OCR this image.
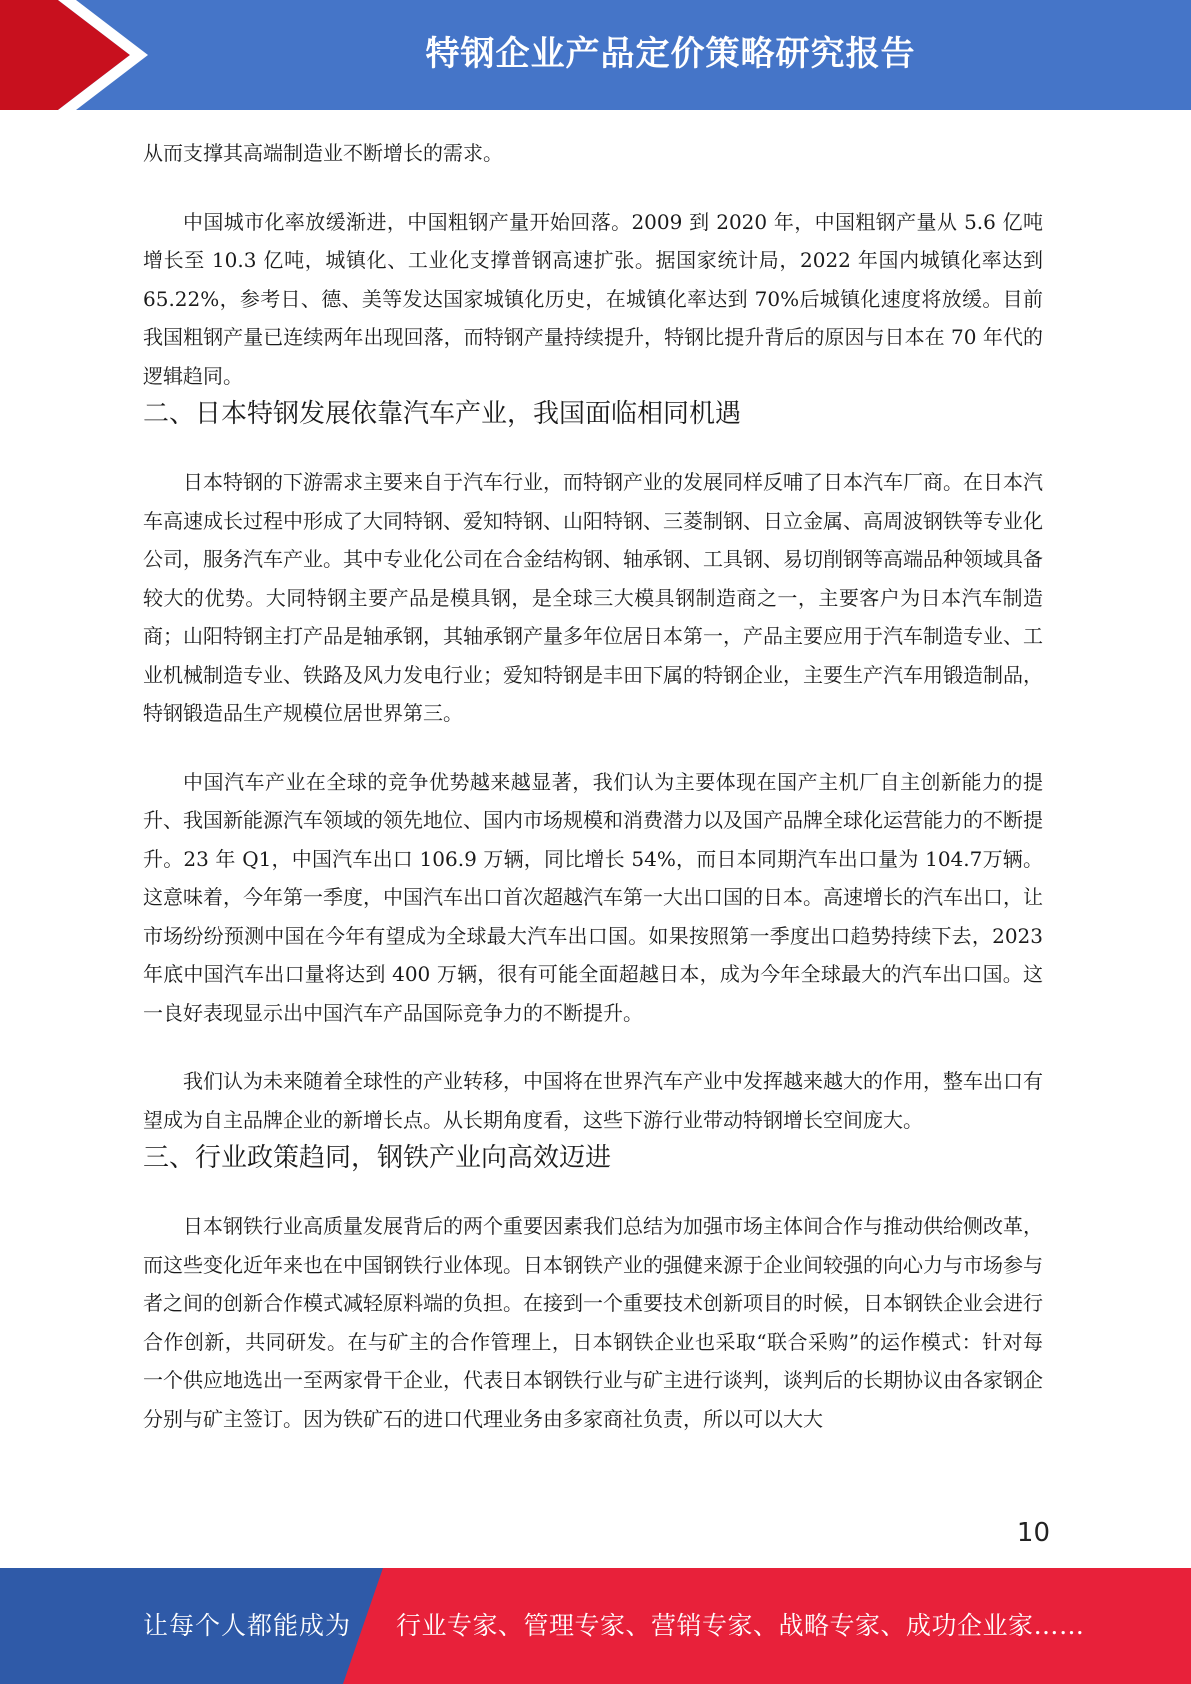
特钢企业产品定价策略研究报告

从而支撑其高端制造业不断增长的需求。

中国城市化率放缓渐进，中国粗钢产量开始回落。2009 到 2020 年，中国粗钢产量从 5.6 亿吨增长至 10.3 亿吨，城镇化、工业化支撑普钢高速扩张。据国家统计局，2022 年国内城镇化率达到65.22%，参考日、德、美等发达国家城镇化历史，在城镇化率达到 70%后城镇化速度将放缓。目前我国粗钢产量已连续两年出现回落，而特钢产量持续提升，特钢比提升背后的原因与日本在 70 年代的逻辑趋同。

二、日本特钢发展依靠汽车产业，我国面临相同机遇

日本特钢的下游需求主要来自于汽车行业，而特钢产业的发展同样反哺了日本汽车厂商。在日本汽车高速成长过程中形成了大同特钢、爱知特钢、山阳特钢、三菱制钢、日立金属、高周波钢铁等专业化公司，服务汽车产业。其中专业化公司在合金结构钢、轴承钢、工具钢、易切削钢等高端品种领域具备较大的优势。大同特钢主要产品是模具钢，是全球三大模具钢制造商之一，主要客户为日本汽车制造商；山阳特钢主打产品是轴承钢，其轴承钢产量多年位居日本第一，产品主要应用于汽车制造专业、工业机械制造专业、铁路及风力发电行业；爱知特钢是丰田下属的特钢企业，主要生产汽车用锻造制品，特钢锻造品生产规模位居世界第三。

中国汽车产业在全球的竞争优势越来越显著，我们认为主要体现在国产主机厂自主创新能力的提升、我国新能源汽车领域的领先地位、国内市场规模和消费潜力以及国产品牌全球化运营能力的不断提升。23 年 Q1，中国汽车出口 106.9 万辆，同比增长 54%，而日本同期汽车出口量为 104.7万辆。这意味着，今年第一季度，中国汽车出口首次超越汽车第一大出口国的日本。高速增长的汽车出口，让市场纷纷预测中国在今年有望成为全球最大汽车出口国。如果按照第一季度出口趋势持续下去，2023 年底中国汽车出口量将达到 400 万辆，很有可能全面超越日本，成为今年全球最大的汽车出口国。这一良好表现显示出中国汽车产品国际竞争力的不断提升。

我们认为未来随着全球性的产业转移，中国将在世界汽车产业中发挥越来越大的作用，整车出口有望成为自主品牌企业的新增长点。从长期角度看，这些下游行业带动特钢增长空间庞大。

三、行业政策趋同，钢铁产业向高效迈进

日本钢铁行业高质量发展背后的两个重要因素我们总结为加强市场主体间合作与推动供给侧改革，而这些变化近年来也在中国钢铁行业体现。日本钢铁产业的强健来源于企业间较强的向心力与市场参与者之间的创新合作模式减轻原料端的负担。在接到一个重要技术创新项目的时候，日本钢铁企业会进行合作创新，共同研发。在与矿主的合作管理上，日本钢铁企业也采取“联合采购”的运作模式：针对每一个供应地选出一至两家骨干企业，代表日本钢铁行业与矿主进行谈判，谈判后的长期协议由各家钢企分别与矿主签订。因为铁矿石的进口代理业务由多家商社负责，所以可以大大

10
让每个人都能成为 行业专家、管理专家、营销专家、战略专家、成功企业家……
